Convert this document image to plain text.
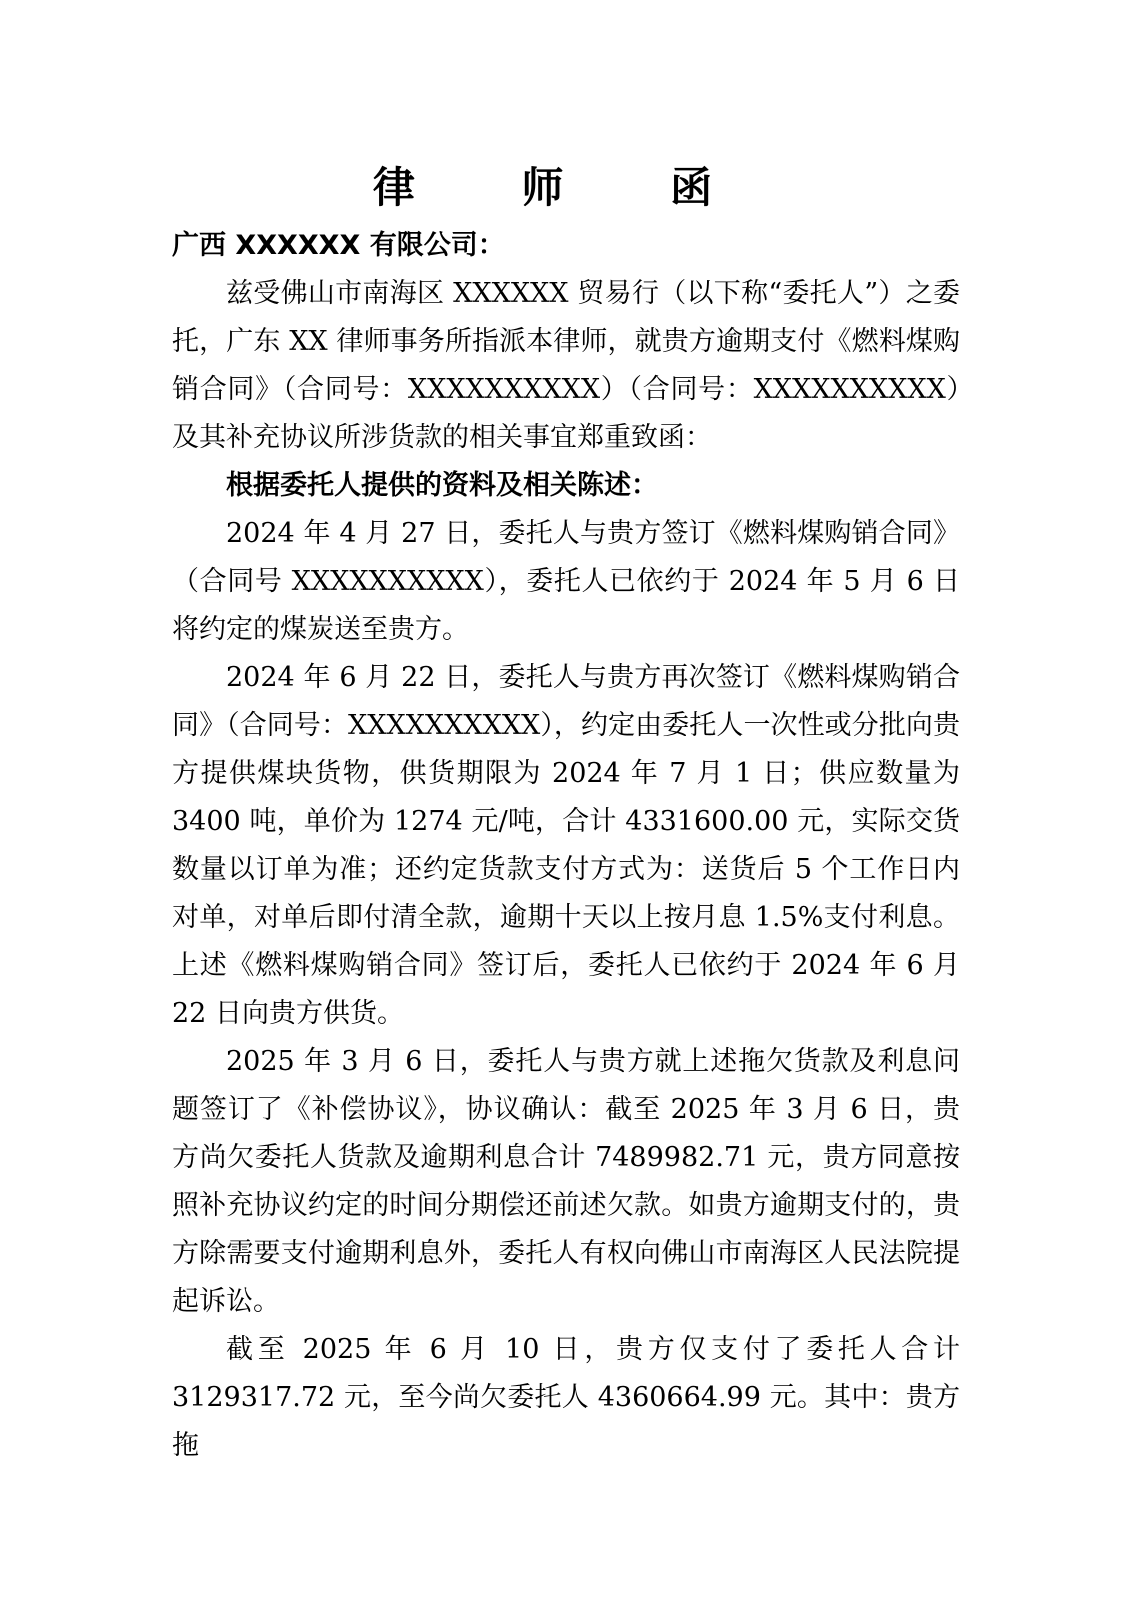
律 师 函

广西 XXXXXX 有限公司：

兹受佛山市南海区 XXXXXX 贸易行（以下称“委托人”）之委托，广东 XX 律师事务所指派本律师，就贵方逾期支付《燃料煤购销合同》（合同号：XXXXXXXXXX）（合同号：XXXXXXXXXX）及其补充协议所涉货款的相关事宜郑重致函：

根据委托人提供的资料及相关陈述：

2024 年 4 月 27 日，委托人与贵方签订《燃料煤购销合同》（合同号 XXXXXXXXXX），委托人已依约于 2024 年 5 月 6 日将约定的煤炭送至贵方。

2024 年 6 月 22 日，委托人与贵方再次签订《燃料煤购销合同》（合同号：XXXXXXXXXX），约定由委托人一次性或分批向贵方提供煤块货物，供货期限为 2024 年 7 月 1 日；供应数量为 3400 吨，单价为 1274 元/吨，合计 4331600.00 元，实际交货数量以订单为准；还约定货款支付方式为：送货后 5 个工作日内对单，对单后即付清全款，逾期十天以上按月息 1.5%支付利息。上述《燃料煤购销合同》签订后，委托人已依约于 2024 年 6 月 22 日向贵方供货。

2025 年 3 月 6 日，委托人与贵方就上述拖欠货款及利息问题签订了《补偿协议》，协议确认：截至 2025 年 3 月 6 日，贵方尚欠委托人货款及逾期利息合计 7489982.71 元，贵方同意按照补充协议约定的时间分期偿还前述欠款。如贵方逾期支付的，贵方除需要支付逾期利息外，委托人有权向佛山市南海区人民法院提起诉讼。

截至 2025 年 6 月 10 日，贵方仅支付了委托人合计 3129317.72 元，至今尚欠委托人 4360664.99 元。其中：贵方拖
